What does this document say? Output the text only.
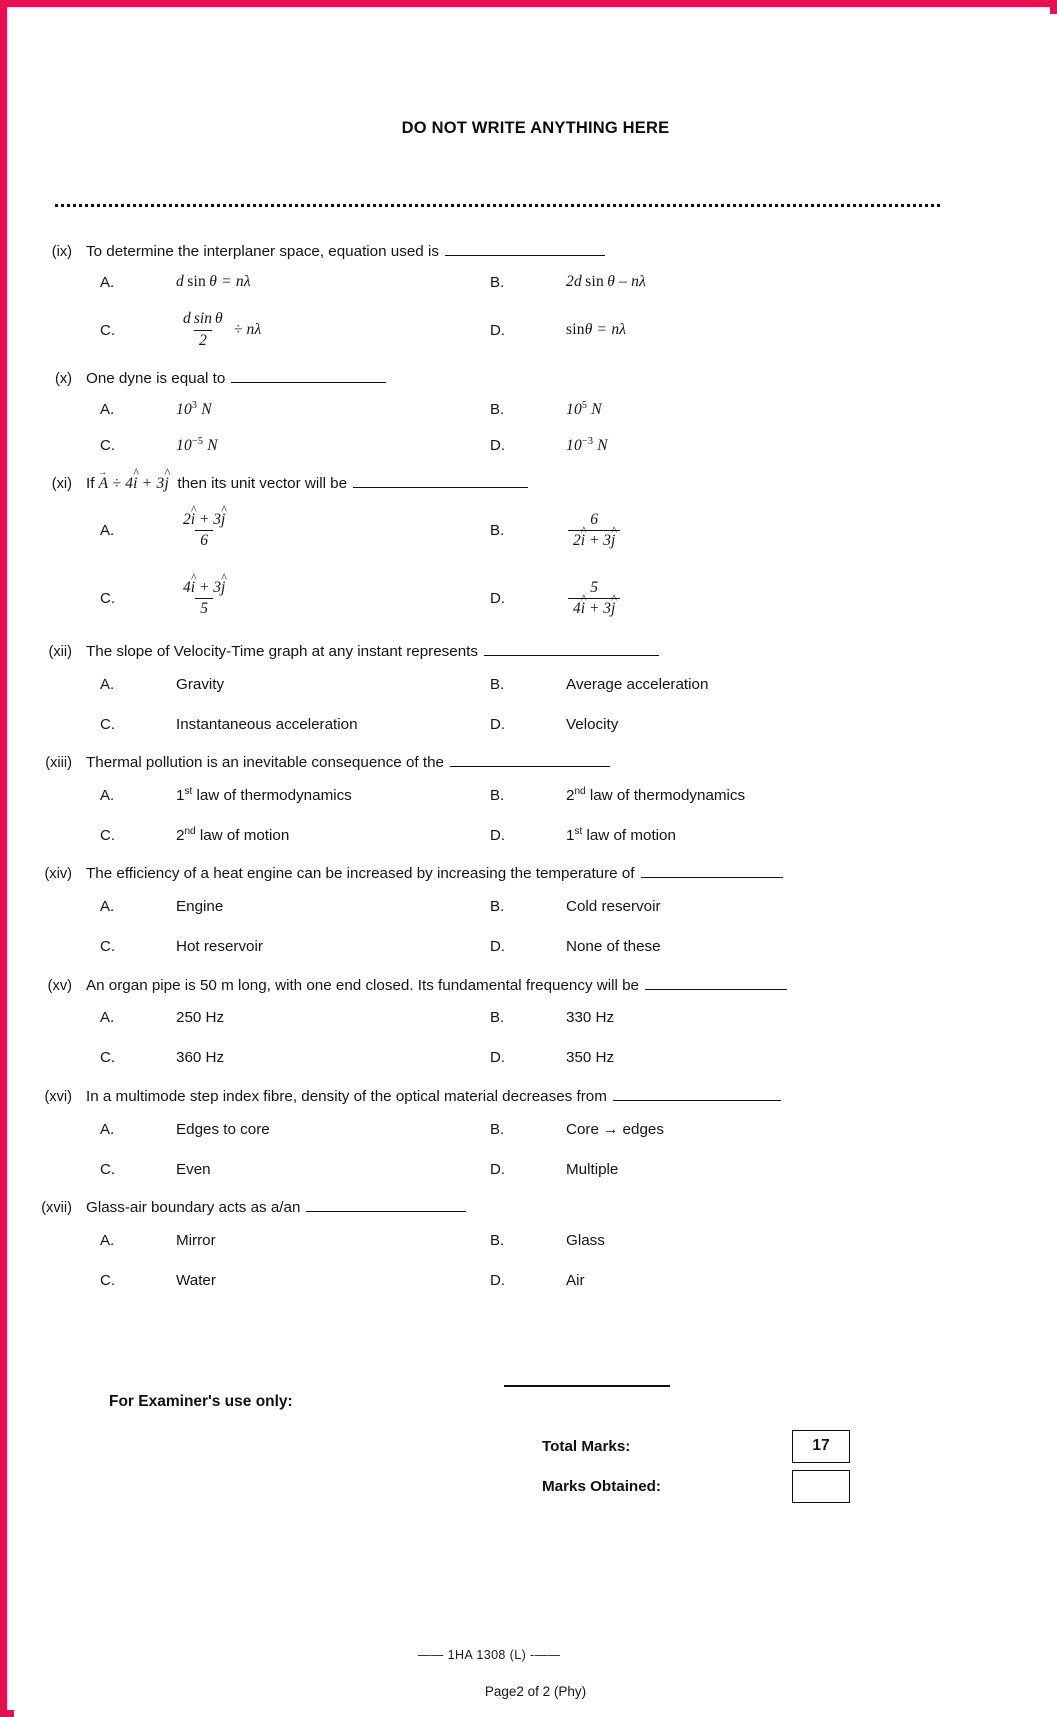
DO NOT WRITE ANYTHING HERE
(ix) To determine the interplaner space, equation used is
A.	d  sin  θ = nλ	B.	2d  sin  θ – nλ
C.	$\frac{\text{d sin θ}}{2} \div n\lambda$	D.	sinθ = nλ
(x) One dyne is equal to
A.	$10^3$ N	B.	$10^5$ N
C.	$10^{-5}$ N	D.	$10^{-3}$ N
(xi) If A → ÷ 4i ^ + 3j ^  then its unit vector will be
A.	$\frac{2i \^{} + 3j \^{}}{6}$	B.	$\frac{6}{2i \^{} + 3j}$ ^
C.	$\frac{4i \^{} + 3j \^{}}{5}$	D.	$\frac{5}{4i \^{} + 3j}$ ^
(xii) The slope of Velocity-Time graph at any instant represents
A.	Gravity	B.	Average acceleration
C.	Instantaneous acceleration	D.	Velocity
(xiii) Thermal pollution is an inevitable consequence of the
A.	1st law of thermodynamics	B.	2nd law of thermodynamics
C.	2nd law of motion	D.	1st law of motion
(xiv) The efficiency of a heat engine can be increased by increasing the temperature of
A.	Engine	B.	Cold reservoir
C.	Hot reservoir	D.	None of these
(xv) An organ pipe is 50 m long, with one end closed. Its fundamental frequency will be
A.	250 Hz	B.	330 Hz
C.	360 Hz	D.	350 Hz
(xvi) In a multimode step index fibre, density of the optical material decreases from
A.	Edges to core	B.	Core → edges
C.	Even	D.	Multiple
(xvii) Glass-air boundary acts as a/an
A.	Mirror	B.	Glass
C.	Water	D.	Air
For Examiner's use only:
Total Marks:	17
Marks Obtained:
—— 1HA 1308 (L) -——
Page2 of 2 (Phy)
